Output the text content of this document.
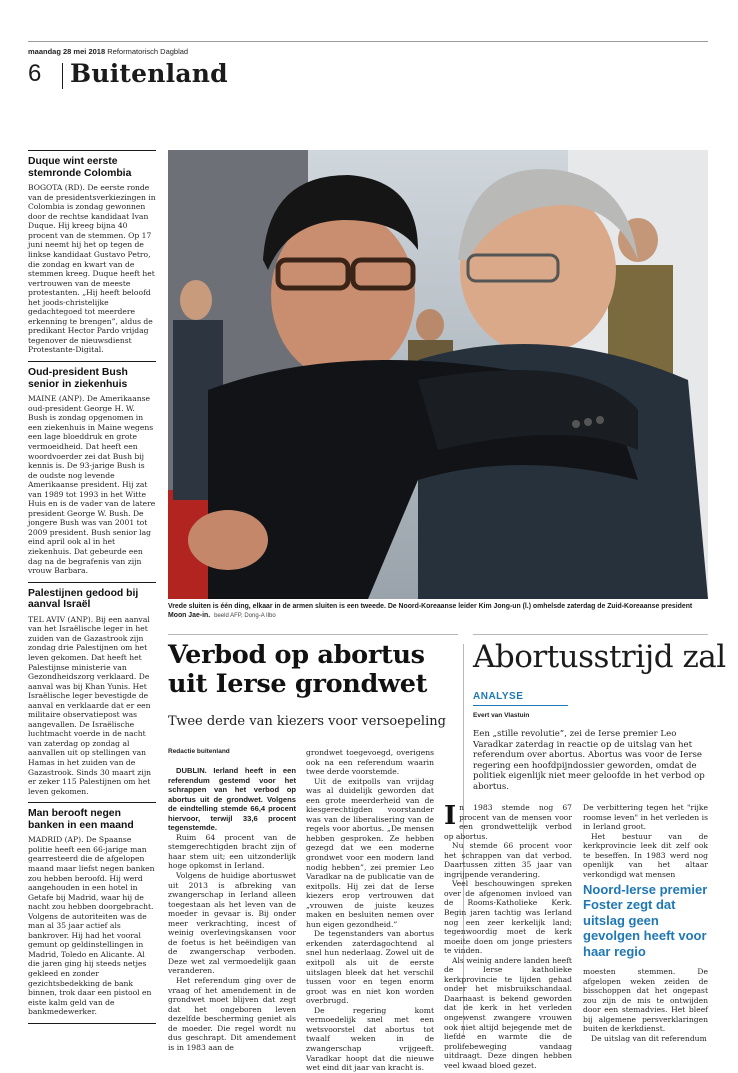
maandag 28 mei 2018 Reformatorisch Dagblad
6 Buitenland
Duque wint eerste stemronde Colombia

BOGOTA (RD). De eerste ronde van de presidentsverkiezingen in Colombia is zondag gewonnen door de rechtse kandidaat Ivan Duque. Hij kreeg bijna 40 procent van de stemmen. Op 17 juni neemt hij het op tegen de linkse kandidaat Gustavo Petro, die zondag en kwart van de stemmen kreeg. Duque heeft het vertrouwen van de meeste protestanten. „Hij heeft beloofd het joods-christelijke gedachtegoed tot meerdere erkenning te brengen”, aldus de predikant Hector Pardo vrijdag tegenover de nieuwsdienst Protestante-Digital.

Oud-president Bush senior in ziekenhuis

MAINE (ANP). De Amerikaanse oud-president George H. W. Bush is zondag opgenomen in een ziekenhuis in Maine wegens een lage bloeddruk en grote vermoeidheid. Dat heeft een woordvoerder zei dat Bush bij kennis is. De 93-jarige Bush is de oudste nog levende Amerikaanse president. Hij zat van 1989 tot 1993 in het Witte Huis en is de vader van de latere president George W. Bush. De jongere Bush was van 2001 tot 2009 president. Bush senior lag eind april ook al in het ziekenhuis. Dat gebeurde een dag na de begrafenis van zijn vrouw Barbara.

Palestijnen gedood bij aanval Israël

TEL AVIV (ANP). Bij een aanval van het Israëlische leger in het zuiden van de Gazastrook zijn zondag drie Palestijnen om het leven gekomen. Dat heeft het Palestijnse ministerie van Gezondheidszorg verklaard. De aanval was bij Khan Yunis. Het Israëlische leger bevestigde de aanval en verklaarde dat er een militaire observatiepost was aangevallen. De Israëlische luchtmacht voerde in de nacht van zaterdag op zondag al aanvallen uit op stellingen van Hamas in het zuiden van de Gazastrook. Sinds 30 maart zijn er zeker 115 Palestijnen om het leven gekomen.

Man berooft negen banken in een maand

MADRID (AP). De Spaanse politie heeft een 66-jarige man gearresteerd die de afgelopen maand maar liefst negen banken zou hebben beroofd. Hij werd aangehouden in een hotel in Getafe bij Madrid, waar hij de nacht zou hebben doorgebracht. Volgens de autoriteiten was de man al 35 jaar actief als bankrover. Hij had het vooral gemunt op geldinstellingen in Madrid, Toledo en Alicante. Al die jaren ging hij steeds netjes gekleed en zonder gezichtsbedekking de bank binnen, trok daar een pistool en eiste kalm geld van de bankmedewerker.

Vrede sluiten is één ding, elkaar in de armen sluiten is een tweede. De Noord-Koreaanse leider Kim Jong-un (l.) omhelsde zaterdag de Zuid-Koreaanse president Moon Jae-in. beeld AFP, Dong-A Ilbo
Verbod op abortus uit Ierse grondwet
Twee derde van kiezers voor versoepeling
Redactie buitenland

DUBLIN. Ierland heeft in een referendum gestemd voor het schrappen van het verbod op abortus uit de grondwet. Volgens de eindtelling stemde 66,4 procent hiervoor, terwijl 33,6 procent tegenstemde.

Ruim 64 procent van de stemgerechtigden bracht zijn of haar stem uit; een uitzonderlijk hoge opkomst in Ierland.

Volgens de huidige abortuswet uit 2013 is afbreking van zwangerschap in Ierland alleen toegestaan als het leven van de moeder in gevaar is. Bij onder meer verkrachting, incest of weinig overlevingskansen voor de foetus is het beëindigen van de zwangerschap verboden. Deze wet zal vermoedelijk gaan veranderen.

Het referendum ging over de vraag of het amendement in de grondwet moet blijven dat zegt dat het ongeboren leven dezelfde bescherming geniet als de moeder. Die regel wordt nu dus geschrapt. Dit amendement is in 1983 aan de

grondwet toegevoegd, overigens ook na een referendum waarin twee derde voorstemde.

Uit de exitpolls van vrijdag was al duidelijk geworden dat een grote meerderheid van de kiesgerechtigden voorstander was van de liberalisering van de regels voor abortus. „De mensen hebben gesproken. Ze hebben gezegd dat we een moderne grondwet voor een modern land nodig hebben”, zei premier Leo Varadkar na de publicatie van de exitpolls. Hij zei dat de Ierse kiezers erop vertrouwen dat „vrouwen de juiste keuzes maken en besluiten nemen over hun eigen gezondheid.”

De tegenstanders van abortus erkenden zaterdagochtend al snel hun nederlaag. Zowel uit de exitpoll als uit de eerste uitslagen bleek dat het verschil tussen voor en tegen enorm groot was en niet kon worden overbrugd.

De regering komt vermoedelijk snel met een wetsvoorstel dat abortus tot twaalf weken in de zwangerschap vrijgeeft. Varadkar hoopt dat die nieuwe wet eind dit jaar van kracht is.

Abortusstrijd zal
ANALYSE
Evert van Vlastuin
Een „stille revolutie”, zei de Ierse premier Leo Varadkar zaterdag in reactie op de uitslag van het referendum over abortus. Abortus was voor de Ierse regering een hoofdpijndossier geworden, omdat de politiek eigenlijk niet meer geloofde in het verbod op abortus.

In 1983 stemde nog 67 procent van de mensen voor een grondwettelijk verbod op abortus.

Nu stemde 66 procent voor het schrappen van dat verbod. Daartussen zitten 35 jaar van ingrijpende verandering.

Veel beschouwingen spreken over de afgenomen invloed van de Rooms-Katholieke Kerk. Begin jaren tachtig was Ierland nog een zeer kerkelijk land; tegenwoordig moet de kerk moeite doen om jonge priesters te vinden.

Als weinig andere landen heeft de Ierse katholieke kerkprovincie te lijden gehad onder het misbruikschandaal. Daarnaast is bekend geworden dat de kerk in het verleden ongewenst zwangere vrouwen ook niet altijd bejegende met de liefde en warmte die de prolifebeweging vandaag uitdraagt. Deze dingen hebben veel kwaad bloed gezet.

De verbittering tegen het "rijke roomse leven" in het verleden is in Ierland groot.

Het bestuur van de kerkprovincie leek dit zelf ook te beseffen. In 1983 werd nog openlijk van het altaar verkondigd wat mensen

Noord-Ierse premier Foster zegt dat uitslag geen gevolgen heeft voor haar regio

moesten stemmen. De afgelopen weken zeiden de bisschoppen dat het ongepast zou zijn de mis te ontwijden door een stemadvies. Het bleef bij algemene persverklaringen buiten de kerkdienst.

De uitslag van dit referendum
